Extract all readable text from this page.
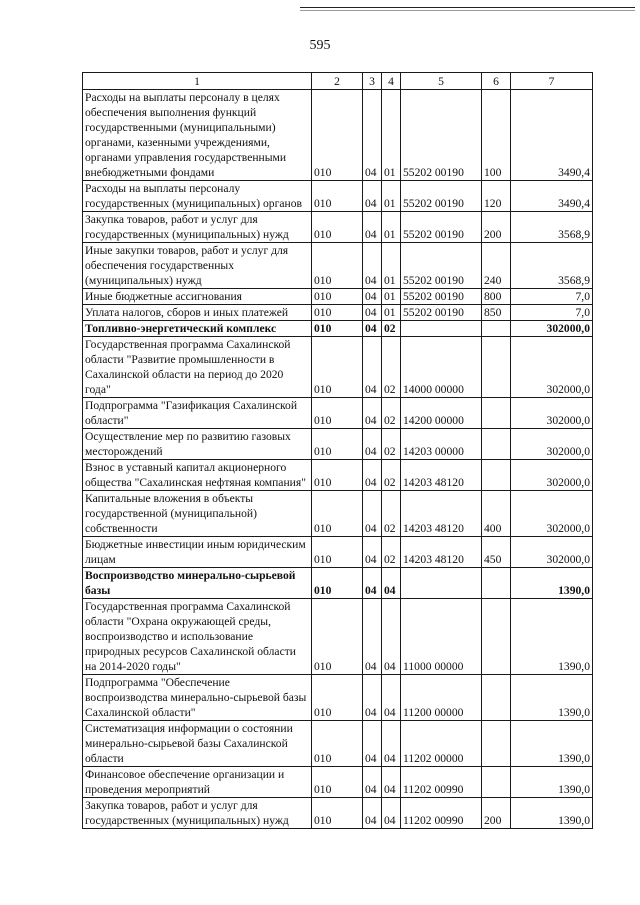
595
1	2	3	4	5	6	7
Расходы на выплаты персоналу в целях обеспечения выполнения функций государственными (муниципальными) органами, казенными учреждениями, органами управления государственными внебюджетными фондами	010	04	01	55202 00190	100	3490,4
Расходы на выплаты персоналу государственных (муниципальных) органов	010	04	01	55202 00190	120	3490,4
Закупка товаров, работ и услуг для государственных (муниципальных) нужд	010	04	01	55202 00190	200	3568,9
Иные закупки товаров, работ и услуг для обеспечения государственных (муниципальных) нужд	010	04	01	55202 00190	240	3568,9
Иные бюджетные ассигнования	010	04	01	55202 00190	800	7,0
Уплата налогов, сборов и иных платежей	010	04	01	55202 00190	850	7,0
Топливно-энергетический комплекс	010	04	02			302000,0
Государственная программа Сахалинской области "Развитие промышленности в Сахалинской области на период до 2020 года"	010	04	02	14000 00000		302000,0
Подпрограмма "Газификация Сахалинской области"	010	04	02	14200 00000		302000,0
Осуществление мер по развитию газовых месторождений	010	04	02	14203 00000		302000,0
Взнос в уставный капитал акционерного общества "Сахалинская нефтяная компания"	010	04	02	14203 48120		302000,0
Капитальные вложения в объекты государственной (муниципальной) собственности	010	04	02	14203 48120	400	302000,0
Бюджетные инвестиции иным юридическим лицам	010	04	02	14203 48120	450	302000,0
Воспроизводство минерально-сырьевой базы	010	04	04			1390,0
Государственная программа Сахалинской области "Охрана окружающей среды, воспроизводство и использование природных ресурсов Сахалинской области на 2014-2020 годы"	010	04	04	11000 00000		1390,0
Подпрограмма "Обеспечение воспроизводства минерально-сырьевой базы Сахалинской области"	010	04	04	11200 00000		1390,0
Систематизация информации о состоянии минерально-сырьевой базы Сахалинской области	010	04	04	11202 00000		1390,0
Финансовое обеспечение организации и проведения мероприятий	010	04	04	11202 00990		1390,0
Закупка товаров, работ и услуг для государственных (муниципальных) нужд	010	04	04	11202 00990	200	1390,0
